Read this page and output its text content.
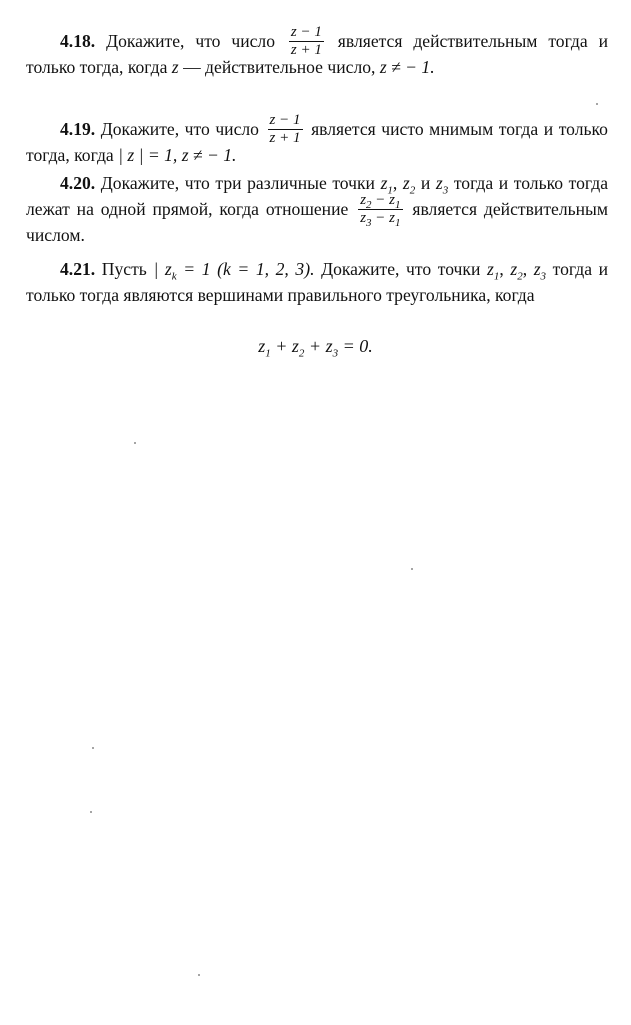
4.18. Докажите, что число $\frac{z - 1}{z + 1}$ является действительным тогда и только тогда, когда z — действительное число, z ≠ − 1.
4.19. Докажите, что число $\frac{z - 1}{z + 1}$ является чисто мнимым тогда и только тогда, когда | z | = 1, z ≠ − 1.
4.20. Докажите, что три различные точки $z_1$, $z_2$ и $z_3$ тогда и только тогда лежат на одной прямой, когда отношение $\frac{z_2 - z_1}{z_3 - z_1}$ является действительным числом.
4.21. Пусть | $z_k = 1$ (k = 1, 2, 3). Докажите, что точки $z_1$, $z_2$, $z_3$ тогда и только тогда являются вершинами правильного треугольника, когда
$z_1 + z_2 + z_3 = 0$.
